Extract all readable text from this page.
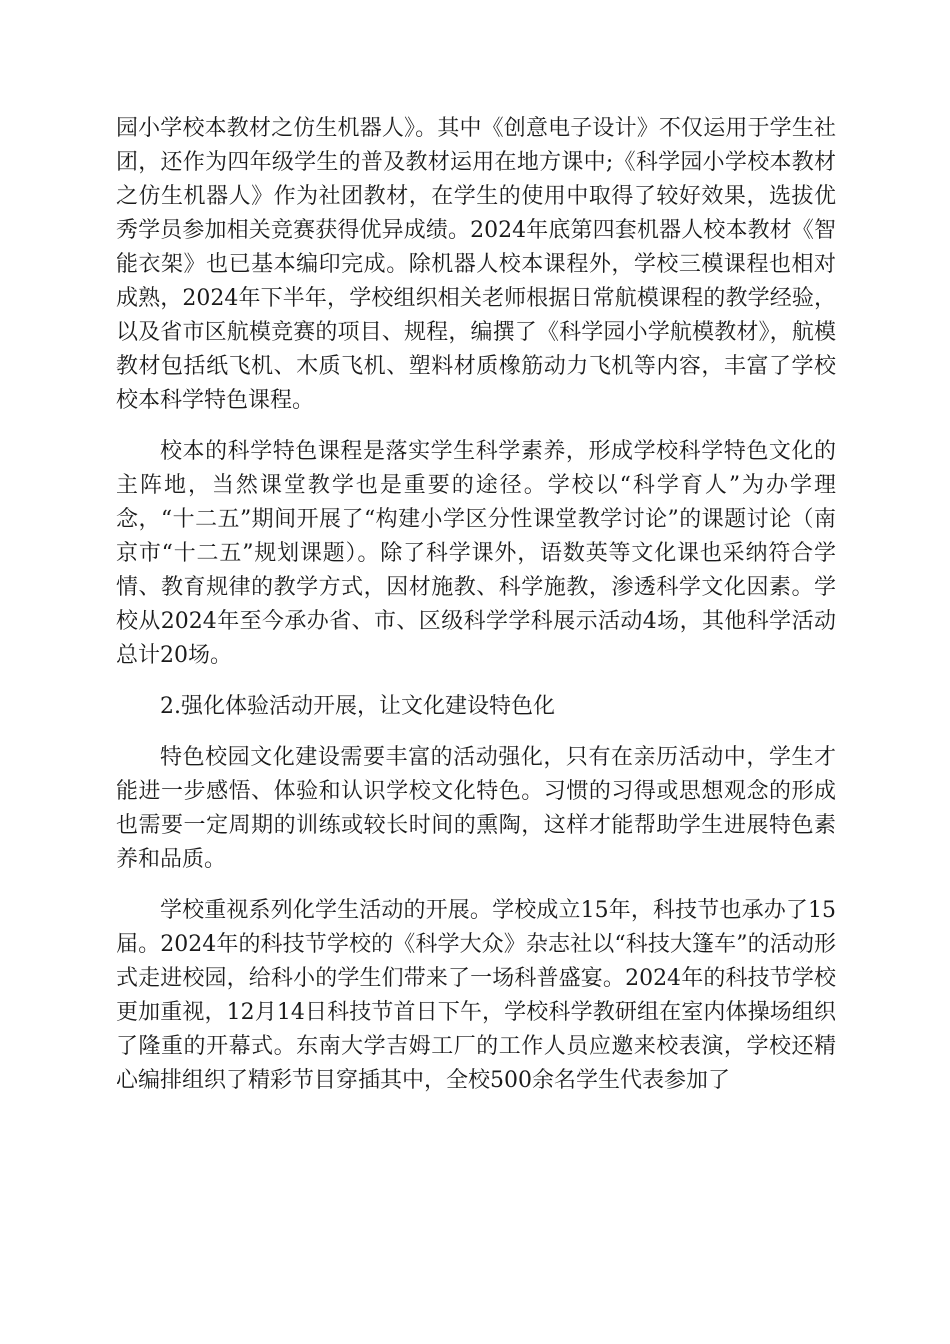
园小学校本教材之仿生机器人》。其中《创意电子设计》不仅运用于学生社团，还作为四年级学生的普及教材运用在地方课中;《科学园小学校本教材之仿生机器人》作为社团教材，在学生的使用中取得了较好效果，选拔优秀学员参加相关竞赛获得优异成绩。2024年底第四套机器人校本教材《智能衣架》也已基本编印完成。除机器人校本课程外，学校三模课程也相对成熟，2024年下半年，学校组织相关老师根据日常航模课程的教学经验，以及省市区航模竞赛的项目、规程，编撰了《科学园小学航模教材》，航模教材包括纸飞机、木质飞机、塑料材质橡筋动力飞机等内容，丰富了学校校本科学特色课程。

校本的科学特色课程是落实学生科学素养，形成学校科学特色文化的主阵地，当然课堂教学也是重要的途径。学校以“科学育人”为办学理念，“十二五”期间开展了“构建小学区分性课堂教学讨论”的课题讨论（南京市“十二五”规划课题）。除了科学课外，语数英等文化课也采纳符合学情、教育规律的教学方式，因材施教、科学施教，渗透科学文化因素。学校从2024年至今承办省、市、区级科学学科展示活动4场，其他科学活动总计20场。

2.强化体验活动开展，让文化建设特色化

特色校园文化建设需要丰富的活动强化，只有在亲历活动中，学生才能进一步感悟、体验和认识学校文化特色。习惯的习得或思想观念的形成也需要一定周期的训练或较长时间的熏陶，这样才能帮助学生进展特色素养和品质。

学校重视系列化学生活动的开展。学校成立15年，科技节也承办了15届。2024年的科技节学校的《科学大众》杂志社以“科技大篷车”的活动形式走进校园，给科小的学生们带来了一场科普盛宴。2024年的科技节学校更加重视，12月14日科技节首日下午，学校科学教研组在室内体操场组织了隆重的开幕式。东南大学吉姆工厂的工作人员应邀来校表演，学校还精心编排组织了精彩节目穿插其中，全校500余名学生代表参加了
